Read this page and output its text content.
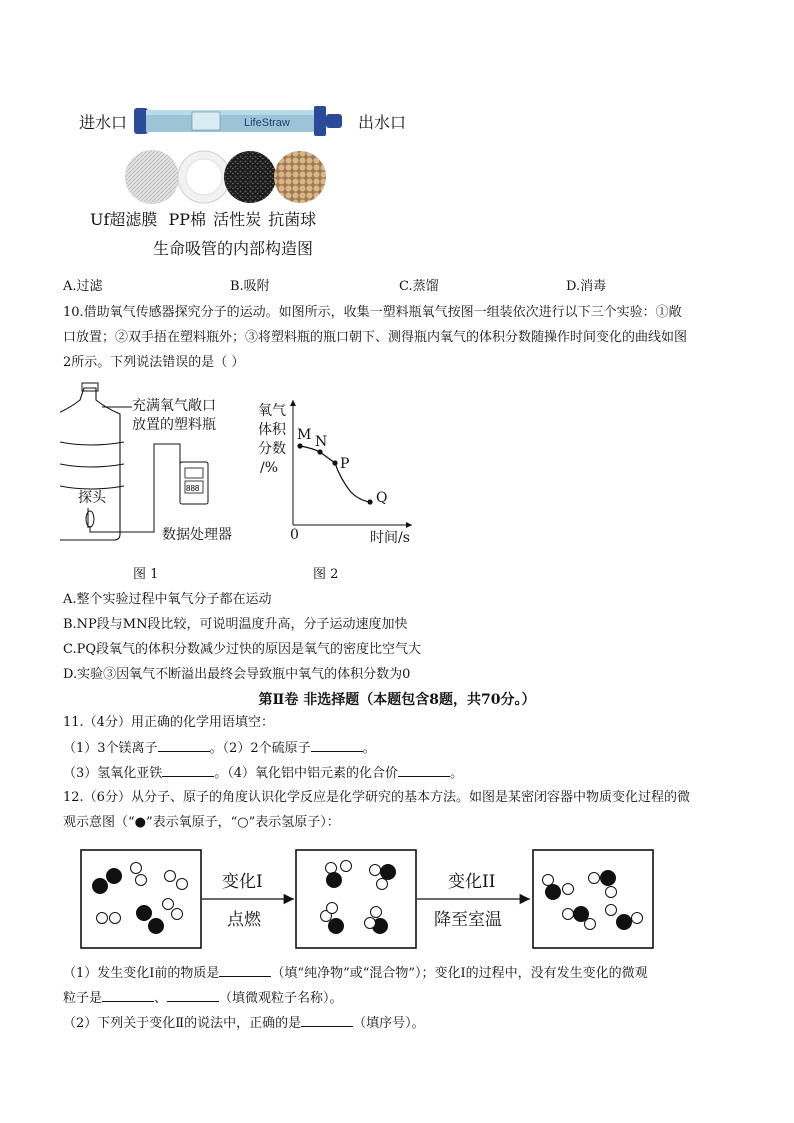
进水口	出水口
LifeStraw
Uf超滤膜 PP棉 活性炭 抗菌球
生命吸管的内部构造图
A.过滤	B.吸附	C.蒸馏	D.消毒
10.借助氧气传感器探究分子的运动。如图所示，收集一塑料瓶氧气按图一组装依次进行以下三个实验：①敞
口放置；②双手捂在塑料瓶外；③将塑料瓶的瓶口朝下、测得瓶内氧气的体积分数随操作时间变化的曲线如图
2所示。下列说法错误的是（ ）
888
充满氧气敞口
放置的塑料瓶
探头
数据处理器
图 1
氧气
体积
分数
/%
M N
P
Q
0	时间/s
图 2
A.整个实验过程中氧气分子都在运动
B.NP段与MN段比较，可说明温度升高，分子运动速度加快
C.PQ段氧气的体积分数减少过快的原因是氧气的密度比空气大
D.实验③因氧气不断溢出最终会导致瓶中氧气的体积分数为0
第Ⅱ卷 非选择题（本题包含8题，共70分。）
11.（4分）用正确的化学用语填空：
（1）3个镁离子	。（2）2个硫原子	。
（3）氢氧化亚铁	。（4）氧化铝中铝元素的化合价	。
12.（6分）从分子、原子的角度认识化学反应是化学研究的基本方法。如图是某密闭容器中物质变化过程的微
观示意图（“●”表示氧原子，“○”表示氢原子）：
变化I
点燃
变化II
降至室温
（1）发生变化Ⅰ前的物质是	（填“纯净物”或“混合物”）；变化Ⅰ的过程中，没有发生变化的微观
粒子是	、	（填微观粒子名称）。
（2）下列关于变化Ⅱ的说法中，正确的是	（填序号）。
